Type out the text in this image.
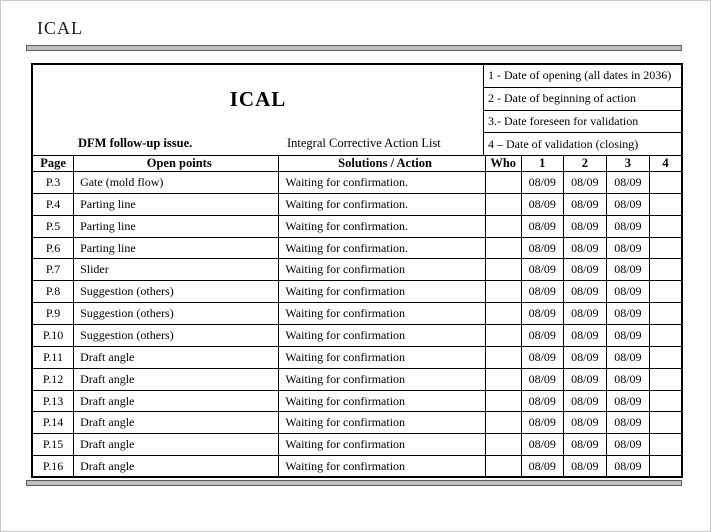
ICAL
ICAL
DFM follow-up issue.	Integral Corrective Action List
1 - Date of opening (all dates in 2036)
2 - Date of beginning of action
3.- Date foreseen for validation
4 – Date of validation (closing)
Page	Open points	Solutions / Action	Who	1	2	3	4
P.3	Gate (mold flow)	Waiting for confirmation.		08/09	08/09	08/09	
P.4	Parting line	Waiting for confirmation.		08/09	08/09	08/09	
P.5	Parting line	Waiting for confirmation.		08/09	08/09	08/09	
P.6	Parting line	Waiting for confirmation.		08/09	08/09	08/09	
P.7	Slider	Waiting for confirmation		08/09	08/09	08/09	
P.8	Suggestion (others)	Waiting for confirmation		08/09	08/09	08/09	
P.9	Suggestion (others)	Waiting for confirmation		08/09	08/09	08/09	
P.10	Suggestion (others)	Waiting for confirmation		08/09	08/09	08/09	
P.11	Draft angle	Waiting for confirmation		08/09	08/09	08/09	
P.12	Draft angle	Waiting for confirmation		08/09	08/09	08/09	
P.13	Draft angle	Waiting for confirmation		08/09	08/09	08/09	
P.14	Draft angle	Waiting for confirmation		08/09	08/09	08/09	
P.15	Draft angle	Waiting for confirmation		08/09	08/09	08/09	
P.16	Draft angle	Waiting for confirmation		08/09	08/09	08/09	
